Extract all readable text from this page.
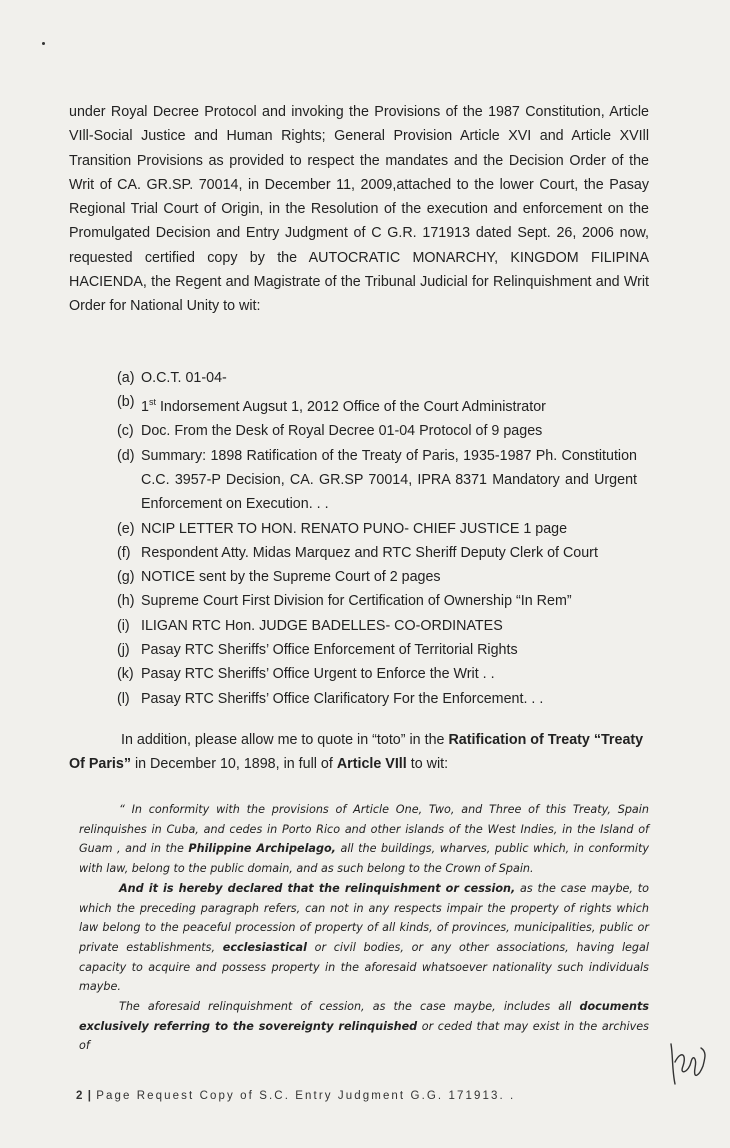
under Royal Decree Protocol and invoking the Provisions of the 1987 Constitution, Article VIll-Social Justice and Human Rights; General Provision Article XVI and Article XVIll Transition Provisions as provided to respect the mandates and the Decision Order of the Writ of CA. GR.SP. 70014, in December 11, 2009,attached to the lower Court, the Pasay Regional Trial Court of Origin, in the Resolution of the execution and enforcement on the Promulgated Decision and Entry Judgment of C G.R. 171913 dated Sept. 26, 2006 now, requested certified copy by the AUTOCRATIC MONARCHY, KINGDOM FILIPINA HACIENDA, the Regent and Magistrate of the Tribunal Judicial for Relinquishment and Writ Order for National Unity to wit:

(a) O.C.T. 01-04-
(b) 1st Indorsement Augsut 1, 2012 Office of the Court Administrator
(c) Doc. From the Desk of Royal Decree 01-04 Protocol of 9 pages
(d) Summary: 1898 Ratification of the Treaty of Paris, 1935-1987 Ph. Constitution C.C. 3957-P Decision, CA. GR.SP 70014, IPRA 8371 Mandatory and Urgent Enforcement on Execution. . .
(e) NCIP LETTER TO HON. RENATO PUNO- CHIEF JUSTICE 1 page
(f) Respondent Atty. Midas Marquez and RTC Sheriff Deputy Clerk of Court
(g) NOTICE sent by the Supreme Court of 2 pages
(h) Supreme Court First Division for Certification of Ownership “In Rem”
(i) ILIGAN RTC Hon. JUDGE BADELLES- CO-ORDINATES
(j) Pasay RTC Sheriffs’ Office Enforcement of Territorial Rights
(k) Pasay RTC Sheriffs’ Office Urgent to Enforce the Writ . .
(l) Pasay RTC Sheriffs’ Office Clarificatory For the Enforcement. . .

In addition, please allow me to quote in “toto” in the Ratification of Treaty “Treaty Of Paris” in December 10, 1898, in full of Article VIll to wit:

“ In conformity with the provisions of Article One, Two, and Three of this Treaty, Spain relinquishes in Cuba, and cedes in Porto Rico and other islands of the West Indies, in the Island of Guam , and in the Philippine Archipelago, all the buildings, wharves, public which, in conformity with law, belong to the public domain, and as such belong to the Crown of Spain.

And it is hereby declared that the relinquishment or cession, as the case maybe, to which the preceding paragraph refers, can not in any respects impair the property of rights which law belong to the peaceful procession of property of all kinds, of provinces, municipalities, public or private establishments, ecclesiastical or civil bodies, or any other associations, having legal capacity to acquire and possess property in the aforesaid whatsoever nationality such individuals maybe.

The aforesaid relinquishment of cession, as the case maybe, includes all documents exclusively referring to the sovereignty relinquished or ceded that may exist in the archives of

2 | Page Request Copy of S.C. Entry Judgment G.G. 171913. .
